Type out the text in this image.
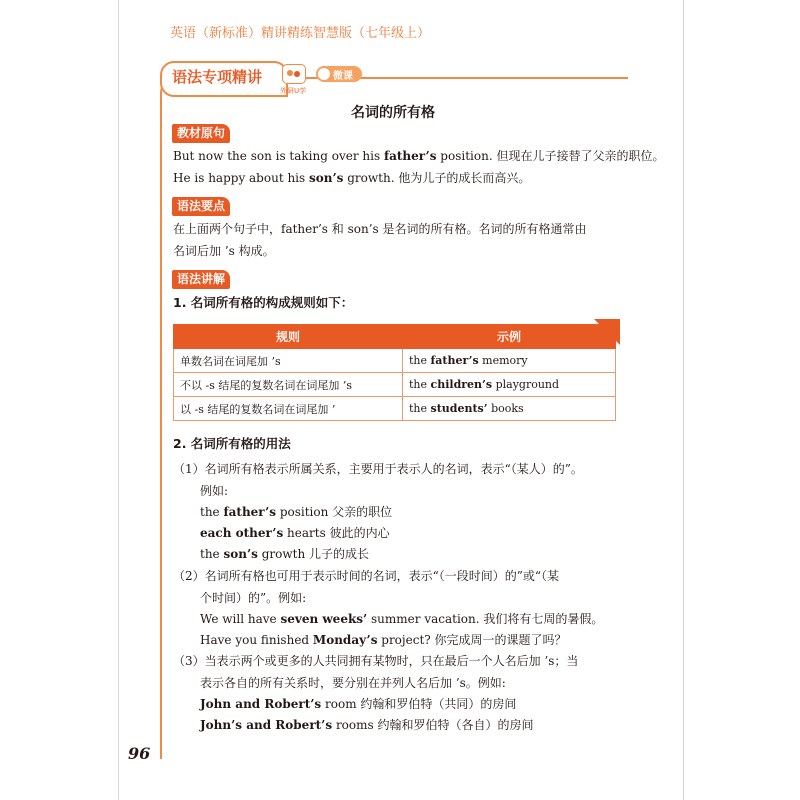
英语（新标准）精讲精练智慧版（七年级上）
语法专项精讲
外研U学
微课
名词的所有格
教材原句
But now the son is taking over his father’s position. 但现在儿子接替了父亲的职位。
He is happy about his son’s growth. 他为儿子的成长而高兴。
语法要点
在上面两个句子中，father’s 和 son’s 是名词的所有格。名词的所有格通常由
名词后加 ’s 构成。
语法讲解
1. 名词所有格的构成规则如下：
规则	示例
单数名词在词尾加 ’s	the father’s memory
不以 -s 结尾的复数名词在词尾加 ’s	the children’s playground
以 -s 结尾的复数名词在词尾加 ’	the students’ books
2. 名词所有格的用法
（1）名词所有格表示所属关系，主要用于表示人的名词，表示“（某人）的”。
例如:
the father’s position 父亲的职位
each other’s hearts 彼此的内心
the son’s growth 儿子的成长
（2）名词所有格也可用于表示时间的名词，表示“（一段时间）的”或“（某
个时间）的”。例如:
We will have seven weeks’ summer vacation. 我们将有七周的暑假。
Have you finished Monday’s project? 你完成周一的课题了吗？
（3）当表示两个或更多的人共同拥有某物时，只在最后一个人名后加 ’s；当
表示各自的所有关系时，要分别在并列人名后加 ’s。例如:
John and Robert’s room 约翰和罗伯特（共同）的房间
John’s and Robert’s rooms 约翰和罗伯特（各自）的房间
96
